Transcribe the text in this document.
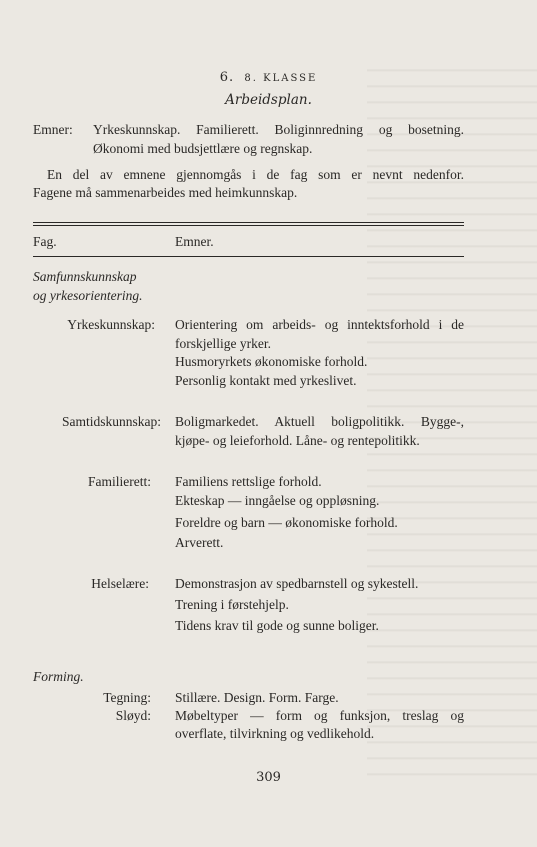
6. 8. KLASSE
Arbeidsplan.
Emner: Yrkeskunnskap. Familierett. Boliginnredning og bosetning.
Økonomi med budsjettlære og regnskap.
En del av emnene gjennomgås i de fag som er nevnt nedenfor.
Fagene må sammenarbeides med heimkunnskap.
Fag.	Emner.
Samfunnskunnskap
og yrkesorientering.
Yrkeskunnskap: Orientering om arbeids- og inntektsforhold i de
forskjellige yrker.
Husmoryrkets økonomiske forhold.
Personlig kontakt med yrkeslivet.
Samtidskunnskap: Boligmarkedet. Aktuell boligpolitikk. Bygge-,
kjøpe- og leieforhold. Låne- og rentepolitikk.
Familierett: Familiens rettslige forhold.
Ekteskap — inngåelse og oppløsning.
Foreldre og barn — økonomiske forhold.
Arverett.
Helselære: Demonstrasjon av spedbarnstell og sykestell.
Trening i førstehjelp.
Tidens krav til gode og sunne boliger.
Forming.
Tegning: Stillære. Design. Form. Farge.
Sløyd: Møbeltyper — form og funksjon, treslag og
overflate, tilvirkning og vedlikehold.
309
